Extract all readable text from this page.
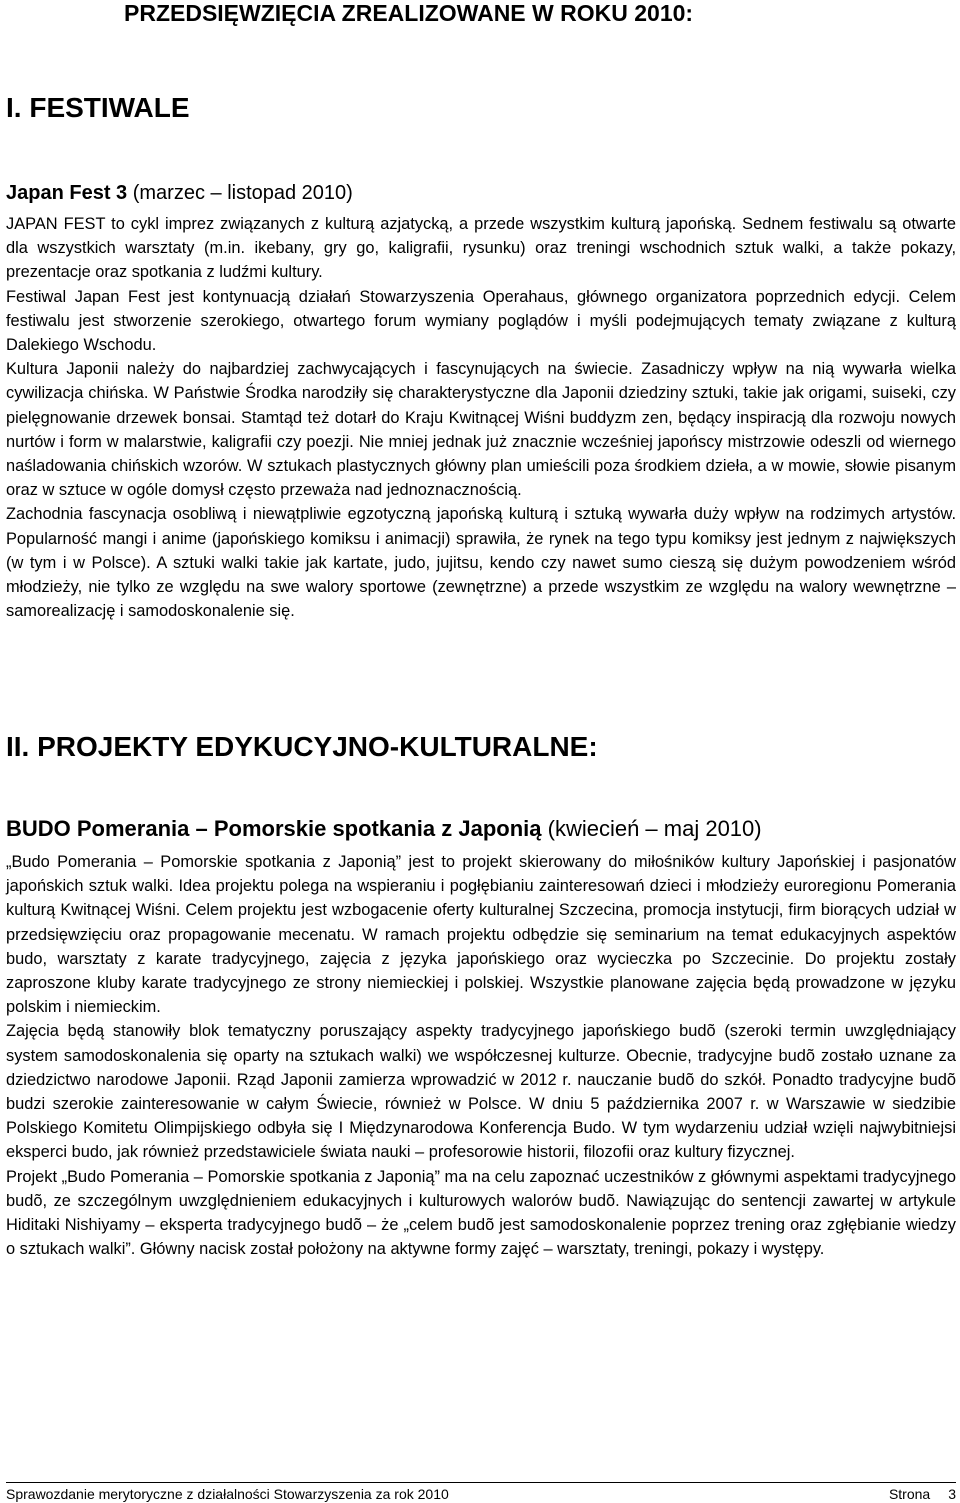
PRZEDSIĘWZIĘCIA ZREALIZOWANE W ROKU 2010:
I. FESTIWALE
Japan Fest 3 (marzec – listopad 2010)

JAPAN FEST to cykl imprez związanych z kulturą azjatycką, a przede wszystkim kulturą japońską. Sednem festiwalu są otwarte dla wszystkich warsztaty (m.in. ikebany, gry go, kaligrafii, rysunku) oraz treningi wschodnich sztuk walki, a także pokazy, prezentacje oraz spotkania z ludźmi kultury.

Festiwal Japan Fest jest kontynuacją działań Stowarzyszenia Operahaus, głównego organizatora poprzednich edycji. Celem festiwalu jest stworzenie szerokiego, otwartego forum wymiany poglądów i myśli podejmujących tematy związane z kulturą Dalekiego Wschodu.

Kultura Japonii należy do najbardziej zachwycających i fascynujących na świecie. Zasadniczy wpływ na nią wywarła wielka cywilizacja chińska. W Państwie Środka narodziły się charakterystyczne dla Japonii dziedziny sztuki, takie jak origami, suiseki, czy pielęgnowanie drzewek bonsai. Stamtąd też dotarł do Kraju Kwitnącej Wiśni buddyzm zen, będący inspiracją dla rozwoju nowych nurtów i form w malarstwie, kaligrafii czy poezji. Nie mniej jednak już znacznie wcześniej japońscy mistrzowie odeszli od wiernego naśladowania chińskich wzorów. W sztukach plastycznych główny plan umieścili poza środkiem dzieła, a w mowie, słowie pisanym oraz w sztuce w ogóle domysł często przeważa nad jednoznacznością.

Zachodnia fascynacja osobliwą i niewątpliwie egzotyczną japońską kulturą i sztuką wywarła duży wpływ na rodzimych artystów. Popularność mangi i anime (japońskiego komiksu i animacji) sprawiła, że rynek na tego typu komiksy jest jednym z największych (w tym i w Polsce). A sztuki walki takie jak kartate, judo, jujitsu, kendo czy nawet sumo cieszą się dużym powodzeniem wśród młodzieży, nie tylko ze względu na swe walory sportowe (zewnętrzne) a przede wszystkim ze względu na walory wewnętrzne – samorealizację i samodoskonalenie się.

II. PROJEKTY EDYKUCYJNO-KULTURALNE:
BUDO Pomerania – Pomorskie spotkania z Japonią (kwiecień – maj 2010)

„Budo Pomerania – Pomorskie spotkania z Japonią” jest to projekt skierowany do miłośników kultury Japońskiej i pasjonatów japońskich sztuk walki. Idea projektu polega na wspieraniu i pogłębianiu zainteresowań dzieci i młodzieży euroregionu Pomerania kulturą Kwitnącej Wiśni. Celem projektu jest wzbogacenie oferty kulturalnej Szczecina, promocja instytucji, firm biorących udział w przedsięwzięciu oraz propagowanie mecenatu. W ramach projektu odbędzie się seminarium na temat edukacyjnych aspektów budo, warsztaty z karate tradycyjnego, zajęcia z języka japońskiego oraz wycieczka po Szczecinie. Do projektu zostały zaproszone kluby karate tradycyjnego ze strony niemieckiej i polskiej. Wszystkie planowane zajęcia będą prowadzone w języku polskim i niemieckim.

Zajęcia będą stanowiły blok tematyczny poruszający aspekty tradycyjnego japońskiego budõ (szeroki termin uwzględniający system samodoskonalenia się oparty na sztukach walki) we współczesnej kulturze. Obecnie, tradycyjne budõ zostało uznane za dziedzictwo narodowe Japonii. Rząd Japonii zamierza wprowadzić w 2012 r. nauczanie budõ do szkół. Ponadto tradycyjne budõ budzi szerokie zainteresowanie w całym Świecie, również w Polsce. W dniu 5 października 2007 r. w Warszawie w siedzibie Polskiego Komitetu Olimpijskiego odbyła się I Międzynarodowa Konferencja Budo. W tym wydarzeniu udział wzięli najwybitniejsi eksperci budo, jak również przedstawiciele świata nauki – profesorowie historii, filozofii oraz kultury fizycznej.

Projekt „Budo Pomerania – Pomorskie spotkania z Japonią” ma na celu zapoznać uczestników z głównymi aspektami tradycyjnego budõ, ze szczególnym uwzględnieniem edukacyjnych i kulturowych walorów budõ. Nawiązując do sentencji zawartej w artykule Hiditaki Nishiyamy – eksperta tradycyjnego budõ – że „celem budõ jest samodoskonalenie poprzez trening oraz zgłębianie wiedzy o sztukach walki”. Główny nacisk został położony na aktywne formy zajęć – warsztaty, treningi, pokazy i występy.

Sprawozdanie merytoryczne z działalności Stowarzyszenia za rok 2010	Strona 3
